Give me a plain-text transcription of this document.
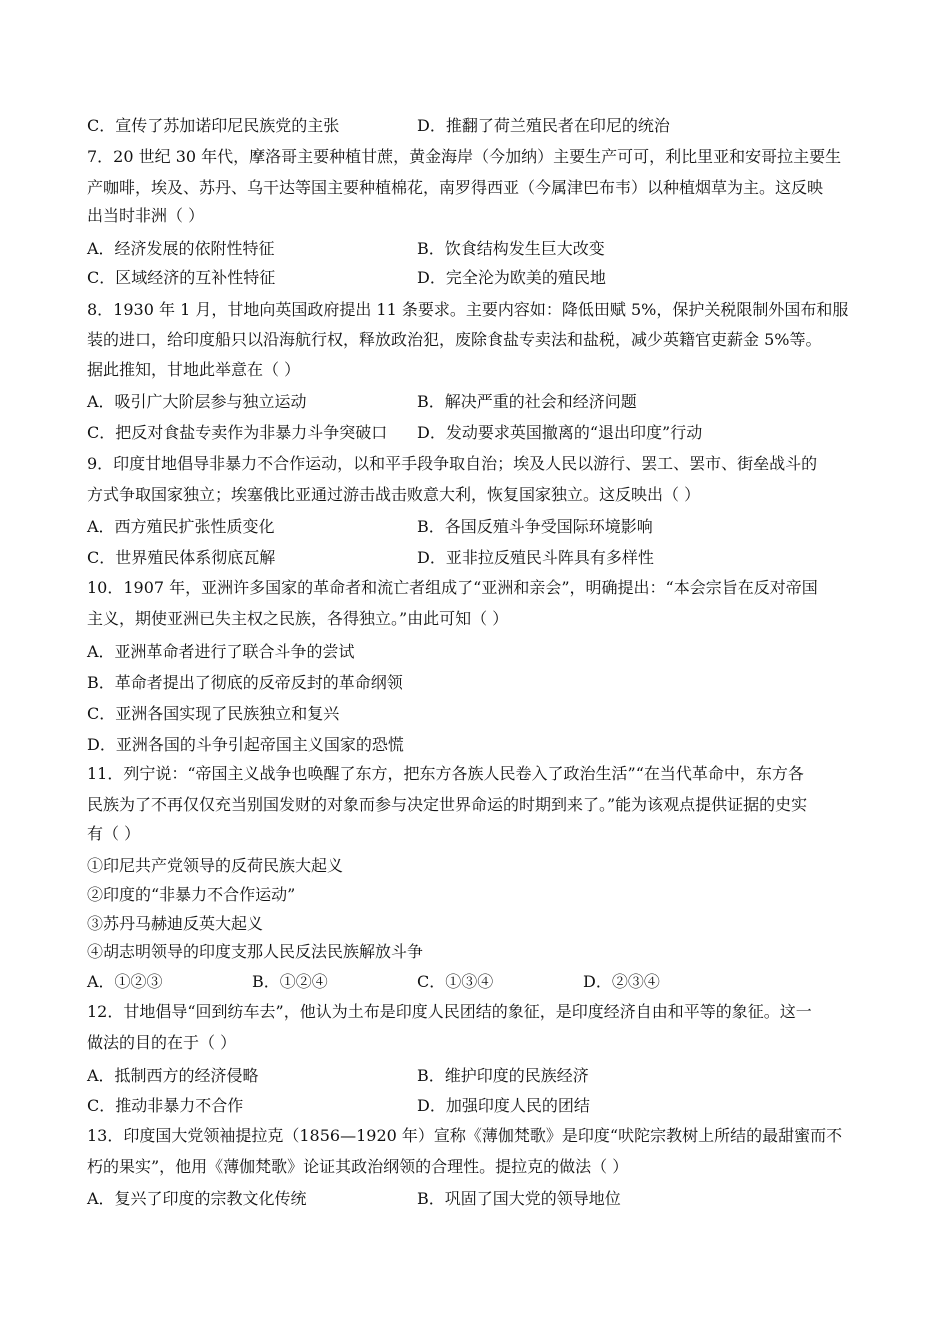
C．宣传了苏加诺印尼民族党的主张	D．推翻了荷兰殖民者在印尼的统治
7．20 世纪 30 年代，摩洛哥主要种植甘蔗，黄金海岸（今加纳）主要生产可可，利比里亚和安哥拉主要生
产咖啡，埃及、苏丹、乌干达等国主要种植棉花，南罗得西亚（今属津巴布韦）以种植烟草为主。这反映
出当时非洲（ ）
A．经济发展的依附性特征	B．饮食结构发生巨大改变
C．区域经济的互补性特征	D．完全沦为欧美的殖民地
8．1930 年 1 月，甘地向英国政府提出 11 条要求。主要内容如：降低田赋 5%，保护关税限制外国布和服
装的进口，给印度船只以沿海航行权，释放政治犯，废除食盐专卖法和盐税，减少英籍官吏薪金 5%等。
据此推知，甘地此举意在（ ）
A．吸引广大阶层参与独立运动	B．解决严重的社会和经济问题
C．把反对食盐专卖作为非暴力斗争突破口 D．发动要求英国撤离的“退出印度”行动
9．印度甘地倡导非暴力不合作运动，以和平手段争取自治；埃及人民以游行、罢工、罢市、街垒战斗的
方式争取国家独立；埃塞俄比亚通过游击战击败意大利，恢复国家独立。这反映出（ ）
A．西方殖民扩张性质变化	B．各国反殖斗争受国际环境影响
C．世界殖民体系彻底瓦解	D．亚非拉反殖民斗阵具有多样性
10．1907 年，亚洲许多国家的革命者和流亡者组成了“亚洲和亲会”，明确提出：“本会宗旨在反对帝国
主义，期使亚洲已失主权之民族，各得独立。”由此可知（ ）
A．亚洲革命者进行了联合斗争的尝试
B．革命者提出了彻底的反帝反封的革命纲领
C．亚洲各国实现了民族独立和复兴
D．亚洲各国的斗争引起帝国主义国家的恐慌
11．列宁说：“帝国主义战争也唤醒了东方，把东方各族人民卷入了政治生活”“在当代革命中，东方各
民族为了不再仅仅充当别国发财的对象而参与决定世界命运的时期到来了。”能为该观点提供证据的史实
有（ ）
①印尼共产党领导的反荷民族大起义
②印度的“非暴力不合作运动”
③苏丹马赫迪反英大起义
④胡志明领导的印度支那人民反法民族解放斗争
A．①②③	B．①②④	C．①③④	D．②③④
12．甘地倡导“回到纺车去”，他认为土布是印度人民团结的象征，是印度经济自由和平等的象征。这一
做法的目的在于（ ）
A．抵制西方的经济侵略	B．维护印度的民族经济
C．推动非暴力不合作	D．加强印度人民的团结
13．印度国大党领袖提拉克（1856—1920 年）宣称《薄伽梵歌》是印度“吠陀宗教树上所结的最甜蜜而不
朽的果实”，他用《薄伽梵歌》论证其政治纲领的合理性。提拉克的做法（ ）
A．复兴了印度的宗教文化传统	B．巩固了国大党的领导地位
